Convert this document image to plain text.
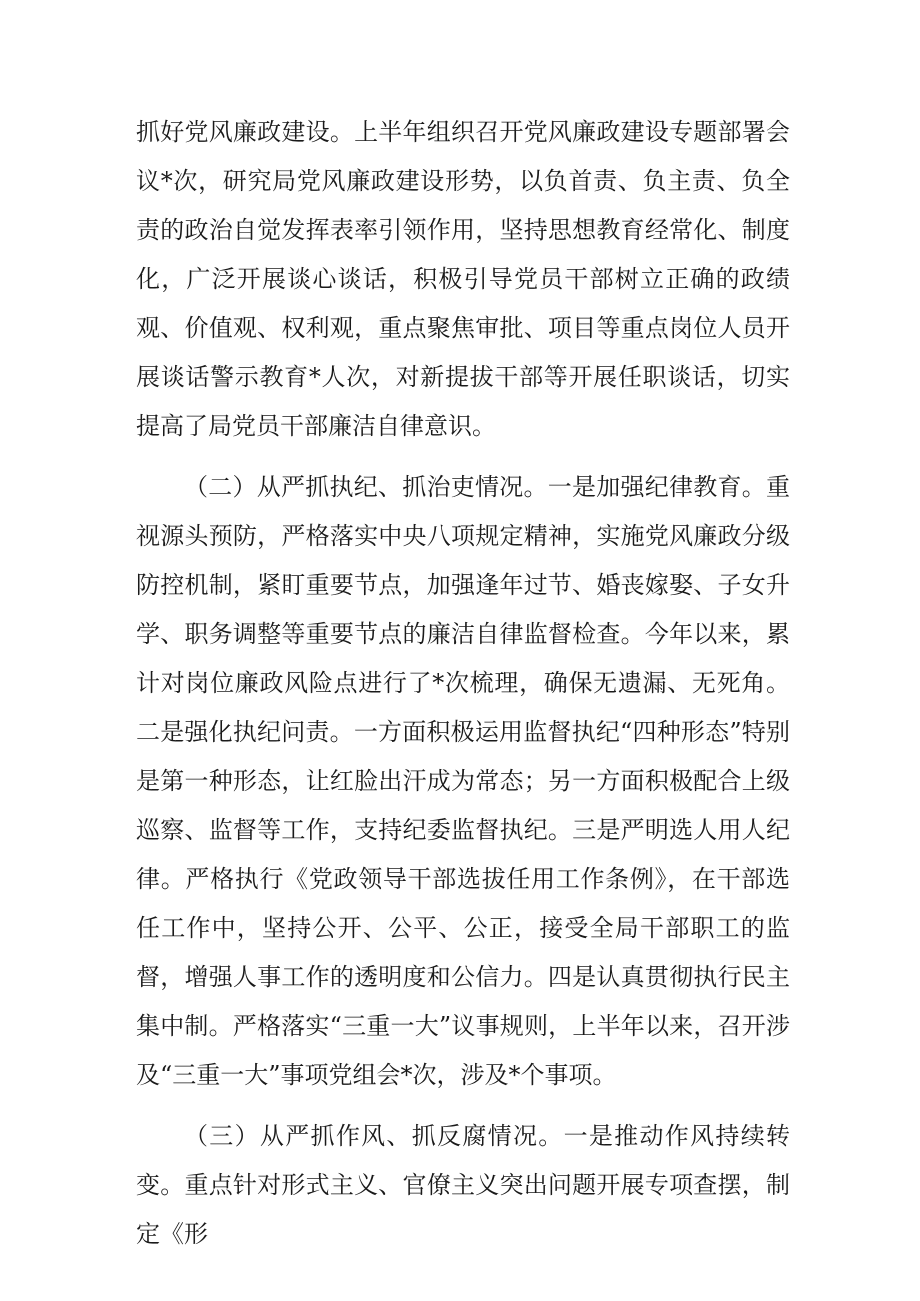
抓好党风廉政建设。上半年组织召开党风廉政建设专题部署会议*次，研究局党风廉政建设形势，以负首责、负主责、负全责的政治自觉发挥表率引领作用，坚持思想教育经常化、制度化，广泛开展谈心谈话，积极引导党员干部树立正确的政绩观、价值观、权利观，重点聚焦审批、项目等重点岗位人员开展谈话警示教育*人次，对新提拔干部等开展任职谈话，切实提高了局党员干部廉洁自律意识。

（二）从严抓执纪、抓治吏情况。一是加强纪律教育。重视源头预防，严格落实中央八项规定精神，实施党风廉政分级防控机制，紧盯重要节点，加强逢年过节、婚丧嫁娶、子女升学、职务调整等重要节点的廉洁自律监督检查。今年以来，累计对岗位廉政风险点进行了*次梳理，确保无遗漏、无死角。二是强化执纪问责。一方面积极运用监督执纪“四种形态”特别是第一种形态，让红脸出汗成为常态；另一方面积极配合上级巡察、监督等工作，支持纪委监督执纪。三是严明选人用人纪律。严格执行《党政领导干部选拔任用工作条例》，在干部选任工作中，坚持公开、公平、公正，接受全局干部职工的监督，增强人事工作的透明度和公信力。四是认真贯彻执行民主集中制。严格落实“三重一大”议事规则，上半年以来，召开涉及“三重一大”事项党组会*次，涉及*个事项。

（三）从严抓作风、抓反腐情况。一是推动作风持续转变。重点针对形式主义、官僚主义突出问题开展专项查摆，制定《形
